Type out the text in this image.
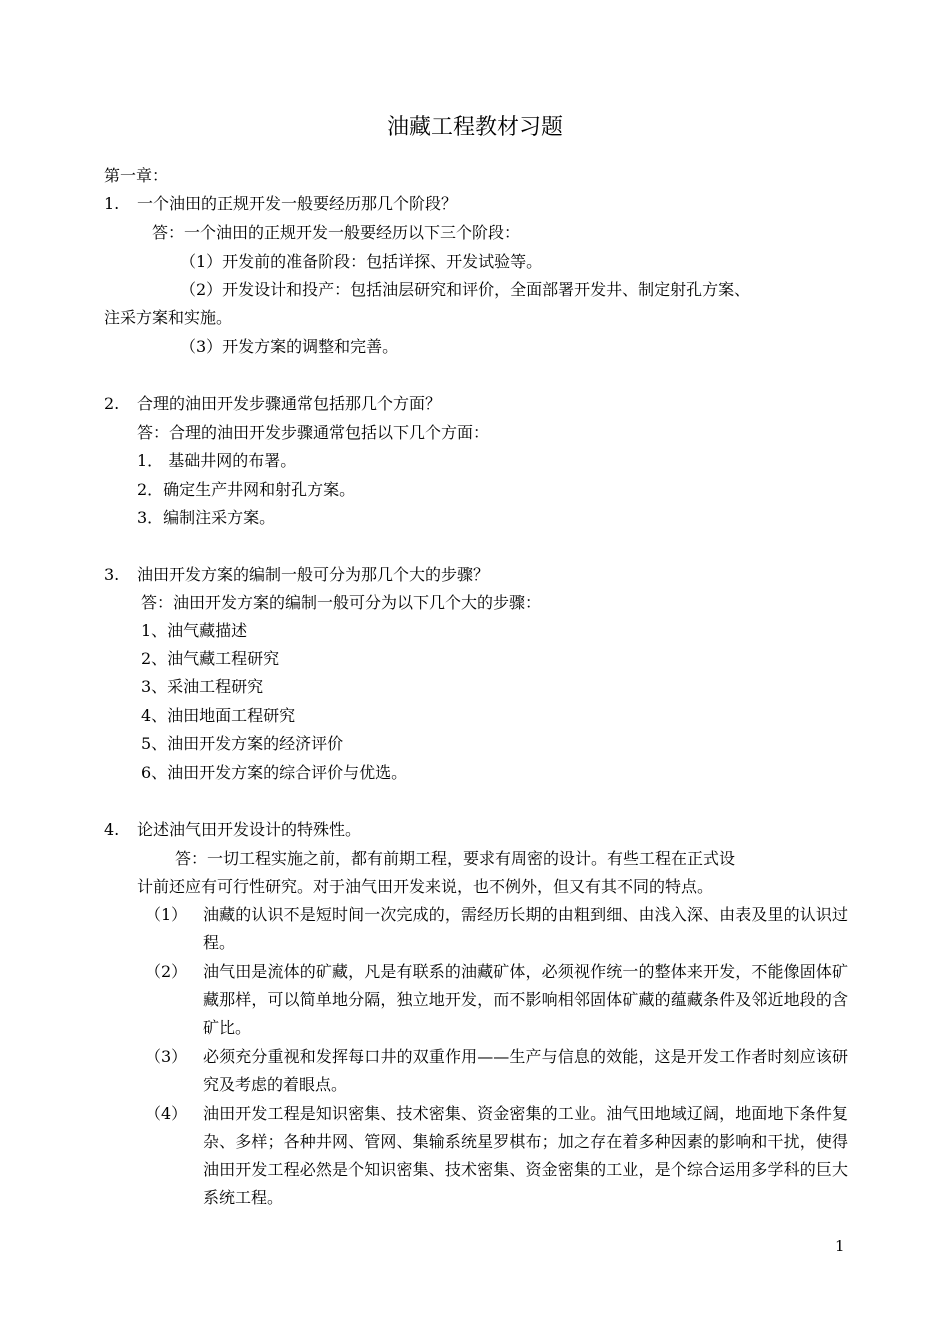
油藏工程教材习题
第一章：
1. 一个油田的正规开发一般要经历那几个阶段？
答：一个油田的正规开发一般要经历以下三个阶段：
（1）开发前的准备阶段：包括详探、开发试验等。
（2）开发设计和投产：包括油层研究和评价，全面部署开发井、制定射孔方案、
注采方案和实施。
（3）开发方案的调整和完善。
2. 合理的油田开发步骤通常包括那几个方面？
答：合理的油田开发步骤通常包括以下几个方面：
1． 基础井网的布署。
2．确定生产井网和射孔方案。
3．编制注采方案。
3. 油田开发方案的编制一般可分为那几个大的步骤？
答：油田开发方案的编制一般可分为以下几个大的步骤：
1、油气藏描述
2、油气藏工程研究
3、采油工程研究
4、油田地面工程研究
5、油田开发方案的经济评价
6、油田开发方案的综合评价与优选。
4. 论述油气田开发设计的特殊性。
答：一切工程实施之前，都有前期工程，要求有周密的设计。有些工程在正式设
计前还应有可行性研究。对于油气田开发来说，也不例外，但又有其不同的特点。
（1） 油藏的认识不是短时间一次完成的，需经历长期的由粗到细、由浅入深、由表及里的认识过程。
（2） 油气田是流体的矿藏，凡是有联系的油藏矿体，必须视作统一的整体来开发，不能像固体矿藏那样，可以简单地分隔，独立地开发，而不影响相邻固体矿藏的蕴藏条件及邻近地段的含矿比。
（3） 必须充分重视和发挥每口井的双重作用——生产与信息的效能，这是开发工作者时刻应该研究及考虑的着眼点。
（4） 油田开发工程是知识密集、技术密集、资金密集的工业。油气田地域辽阔，地面地下条件复杂、多样；各种井网、管网、集输系统星罗棋布；加之存在着多种因素的影响和干扰，使得油田开发工程必然是个知识密集、技术密集、资金密集的工业，是个综合运用多学科的巨大系统工程。
1
